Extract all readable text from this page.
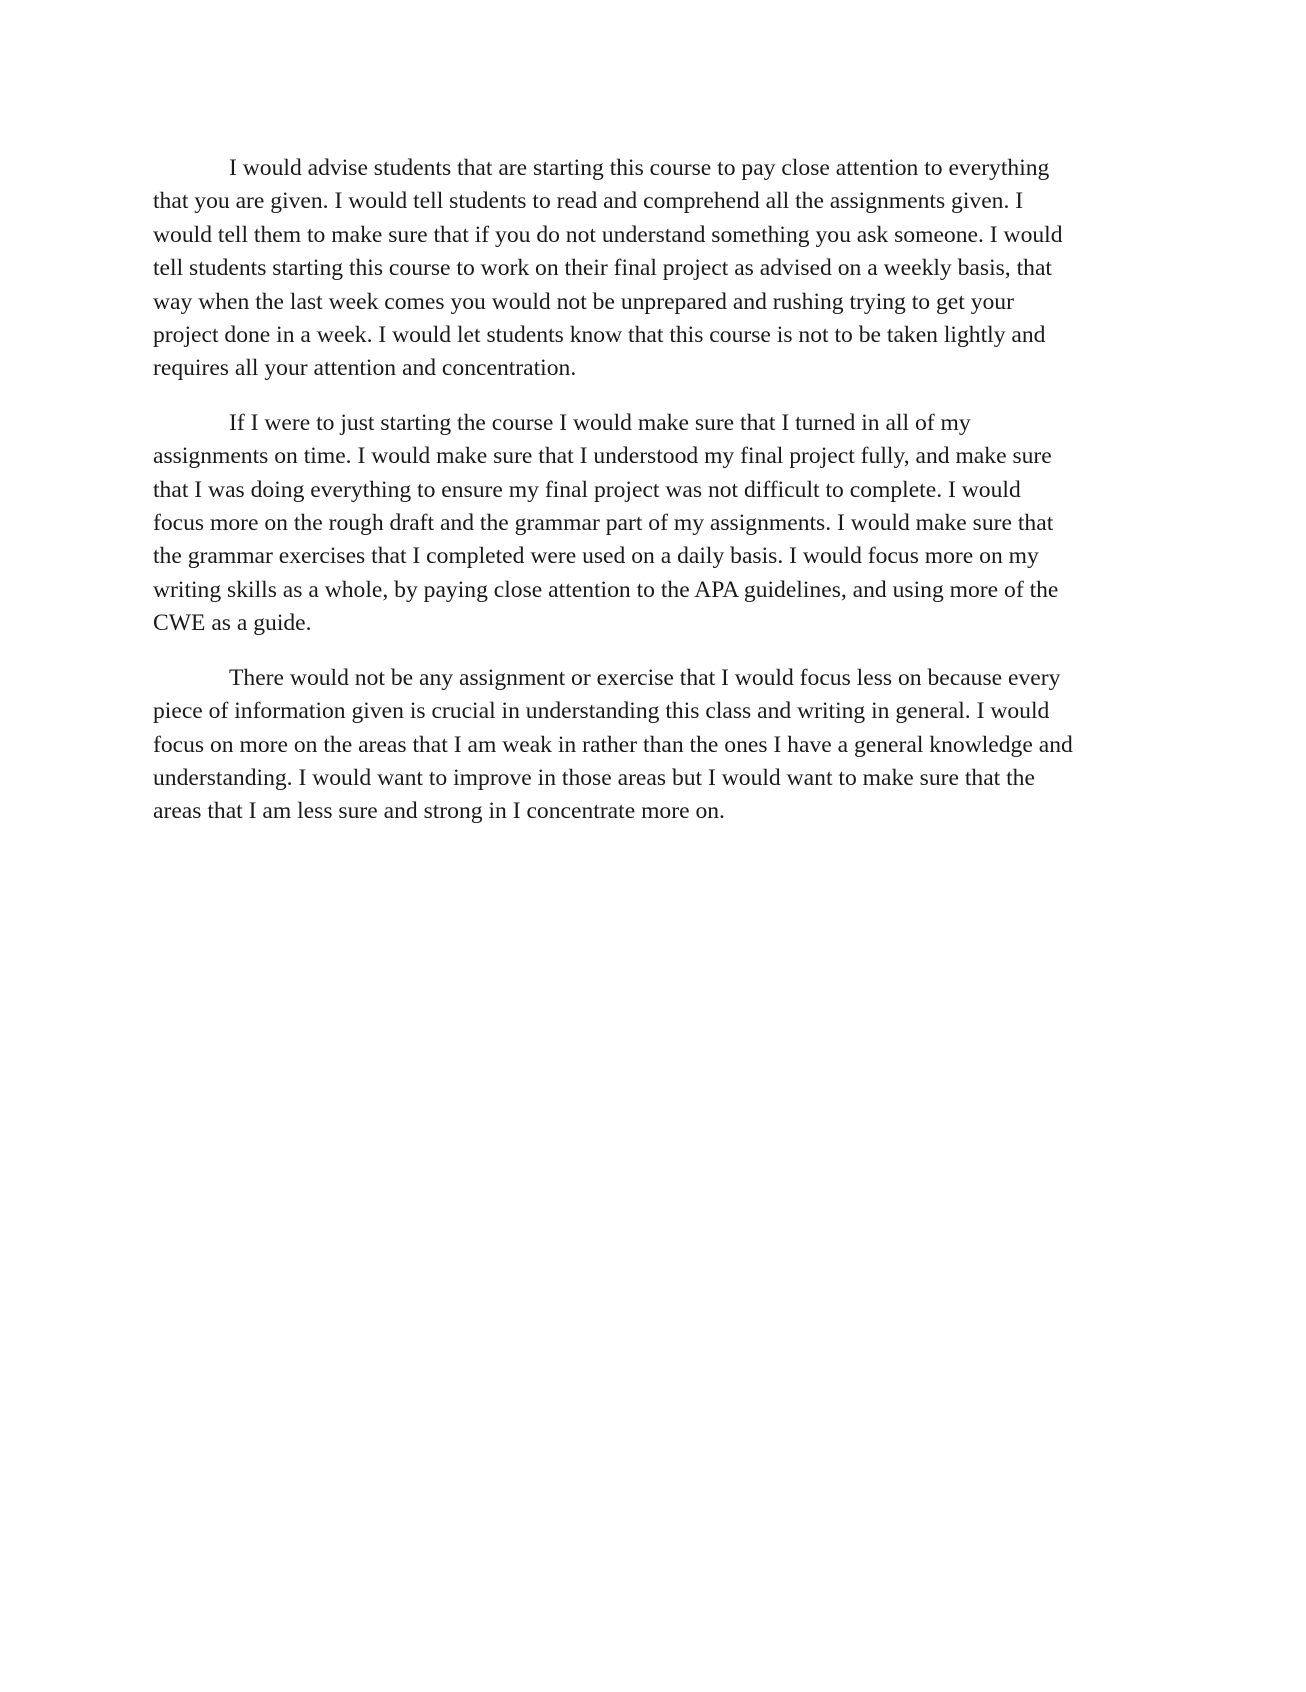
I would advise students that are starting this course to pay close attention to everything
that you are given. I would tell students to read and comprehend all the assignments given. I
would tell them to make sure that if you do not understand something you ask someone. I would
tell students starting this course to work on their final project as advised on a weekly basis, that
way when the last week comes you would not be unprepared and rushing trying to get your
project done in a week. I would let students know that this course is not to be taken lightly and
requires all your attention and concentration.

If I were to just starting the course I would make sure that I turned in all of my
assignments on time. I would make sure that I understood my final project fully, and make sure
that I was doing everything to ensure my final project was not difficult to complete. I would
focus more on the rough draft and the grammar part of my assignments. I would make sure that
the grammar exercises that I completed were used on a daily basis. I would focus more on my
writing skills as a whole, by paying close attention to the APA guidelines, and using more of the
CWE as a guide.

There would not be any assignment or exercise that I would focus less on because every
piece of information given is crucial in understanding this class and writing in general. I would
focus on more on the areas that I am weak in rather than the ones I have a general knowledge and
understanding. I would want to improve in those areas but I would want to make sure that the
areas that I am less sure and strong in I concentrate more on.
